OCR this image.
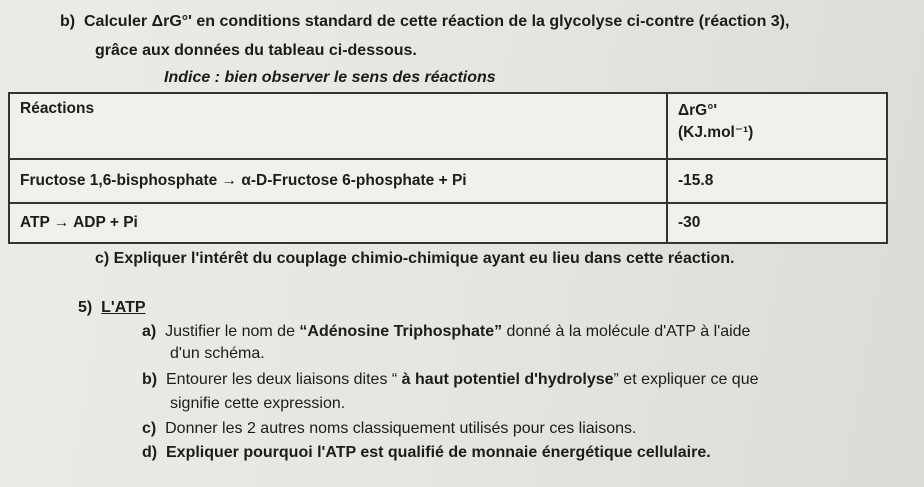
b) Calculer ΔrG°' en conditions standard de cette réaction de la glycolyse ci-contre (réaction 3),
grâce aux données du tableau ci-dessous.
Indice : bien observer le sens des réactions
Réactions	ΔrG°'
(KJ.mol⁻¹)

Fructose 1,6-bisphosphate → α-D-Fructose 6-phosphate + Pi	-15.8
ATP → ADP + Pi	-30
c) Expliquer l'intérêt du couplage chimio-chimique ayant eu lieu dans cette réaction.
5) L'ATP
a) Justifier le nom de “Adénosine Triphosphate” donné à la molécule d'ATP à l'aide
d'un schéma.
b) Entourer les deux liaisons dites “ à haut potentiel d'hydrolyse” et expliquer ce que
signifie cette expression.
c) Donner les 2 autres noms classiquement utilisés pour ces liaisons.
d) Expliquer pourquoi l'ATP est qualifié de monnaie énergétique cellulaire.
